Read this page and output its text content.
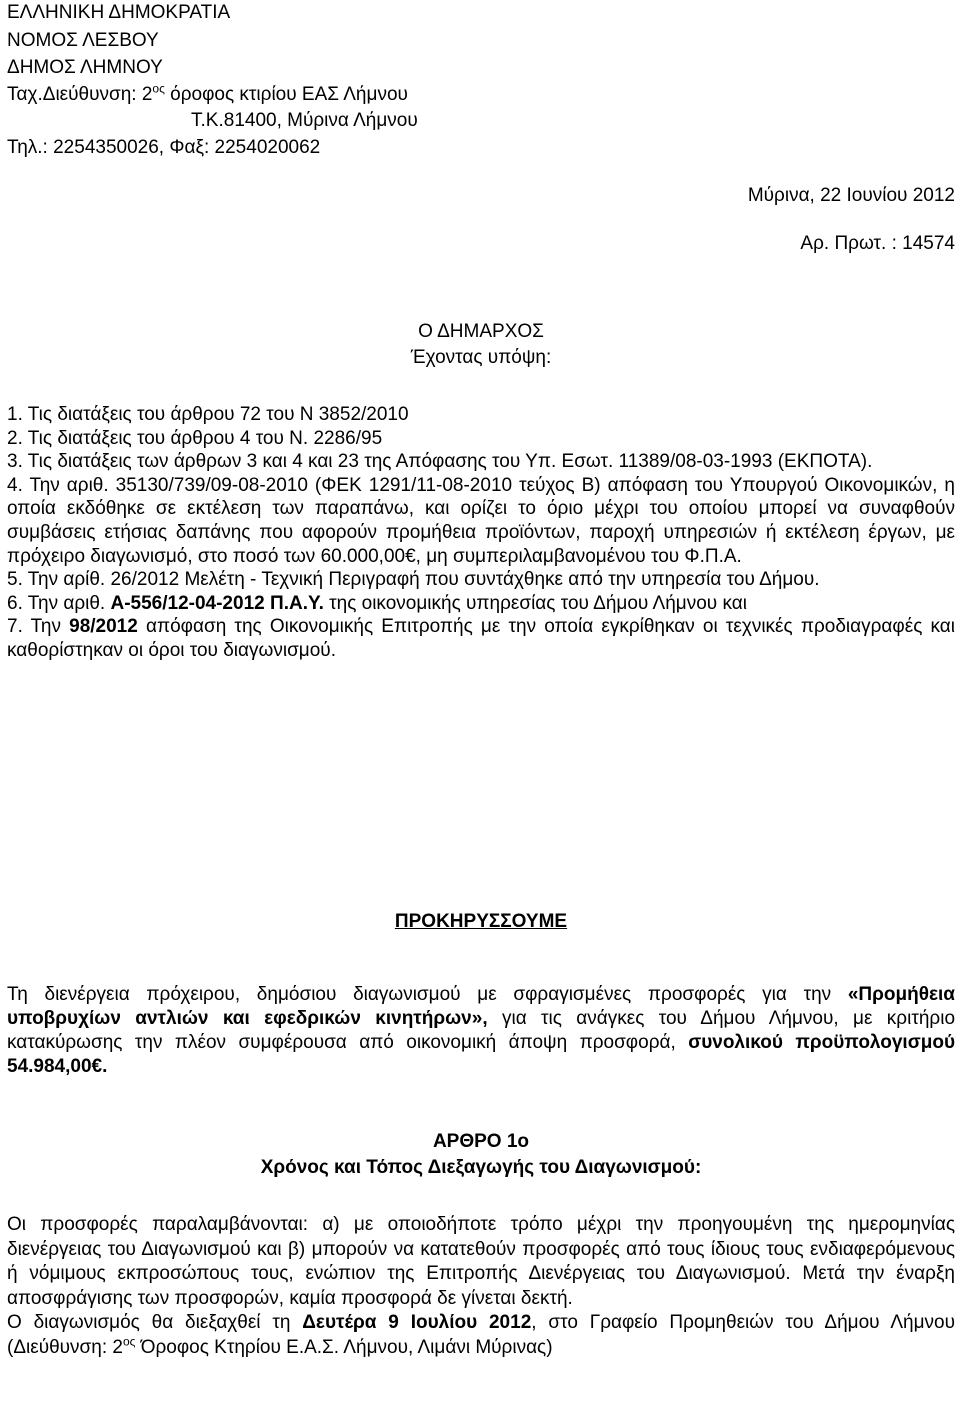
ΕΛΛΗΝΙΚΗ ΔΗΜΟΚΡΑΤΙΑ
ΝΟΜΟΣ ΛΕΣΒΟΥ
ΔΗΜΟΣ ΛΗΜΝΟΥ
Ταχ.Διεύθυνση: $2^{o\varsigma}$ όροφος κτιρίου ΕΑΣ Λήμνου
Τ.Κ.81400, Μύρινα Λήμνου
Τηλ.: 2254350026, Φαξ: 2254020062
Μύρινα, 22 Ιουνίου 2012
Αρ. Πρωτ. : 14574
Ο ΔΗΜΑΡΧΟΣ
Έχοντας υπόψη:

1. Τις διατάξεις του άρθρου 72 του Ν 3852/2010

2. Τις διατάξεις του άρθρου 4 του Ν. 2286/95

3. Τις διατάξεις των άρθρων 3 και 4 και 23 της Απόφασης του Υπ. Εσωτ. 11389/08-03-1993 (ΕΚΠΟΤΑ).

4. Την αριθ. 35130/739/09-08-2010 (ΦΕΚ 1291/11-08-2010 τεύχος Β) απόφαση του Υπουργού Οικονομικών, η οποία εκδόθηκε σε εκτέλεση των παραπάνω, και ορίζει το όριο μέχρι του οποίου μπορεί να συναφθούν συμβάσεις ετήσιας δαπάνης που αφορούν προμήθεια προϊόντων, παροχή υπηρεσιών ή εκτέλεση έργων, με πρόχειρο διαγωνισμό, στο ποσό των 60.000,00€, μη συμπεριλαμβανομένου του Φ.Π.Α.

5. Την αρίθ. 26/2012 Μελέτη - Τεχνική Περιγραφή που συντάχθηκε από την υπηρεσία του Δήμου.

6. Την αριθ. Α-556/12-04-2012 Π.Α.Υ. της οικονομικής υπηρεσίας του Δήμου Λήμνου και

7. Την 98/2012 απόφαση της Οικονομικής Επιτροπής με την οποία εγκρίθηκαν οι τεχνικές προδιαγραφές και καθορίστηκαν οι όροι του διαγωνισμού.

ΠΡΟΚΗΡΥΣΣΟΥΜΕ

Τη διενέργεια πρόχειρου, δημόσιου διαγωνισμού με σφραγισμένες προσφορές για την «Προμήθεια υποβρυχίων αντλιών και εφεδρικών κινητήρων», για τις ανάγκες του Δήμου Λήμνου, με κριτήριο κατακύρωσης την πλέον συμφέρουσα από οικονομική άποψη προσφορά, συνολικού προϋπολογισμού 54.984,00€.

ΑΡΘΡΟ 1ο
Χρόνος και Τόπος Διεξαγωγής του Διαγωνισμού:

Οι προσφορές παραλαμβάνονται: α) με οποιοδήποτε τρόπο μέχρι την προηγουμένη της ημερομηνίας διενέργειας του Διαγωνισμού και β) μπορούν να κατατεθούν προσφορές από τους ίδιους τους ενδιαφερόμενους ή νόμιμους εκπροσώπους τους, ενώπιον της Επιτροπής Διενέργειας του Διαγωνισμού. Μετά την έναρξη αποσφράγισης των προσφορών, καμία προσφορά δε γίνεται δεκτή.

Ο διαγωνισμός θα διεξαχθεί τη Δευτέρα 9 Ιουλίου 2012, στο Γραφείο Προμηθειών του Δήμου Λήμνου (Διεύθυνση: $2^{o\varsigma}$ Όροφος Κτηρίου Ε.Α.Σ. Λήμνου, Λιμάνι Μύρινας)
